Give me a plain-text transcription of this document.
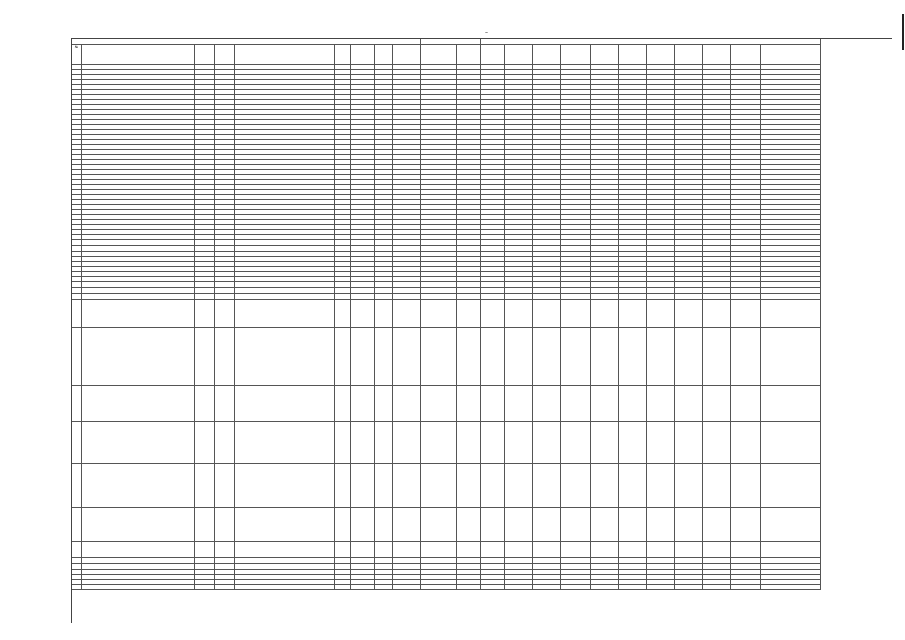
–
№
